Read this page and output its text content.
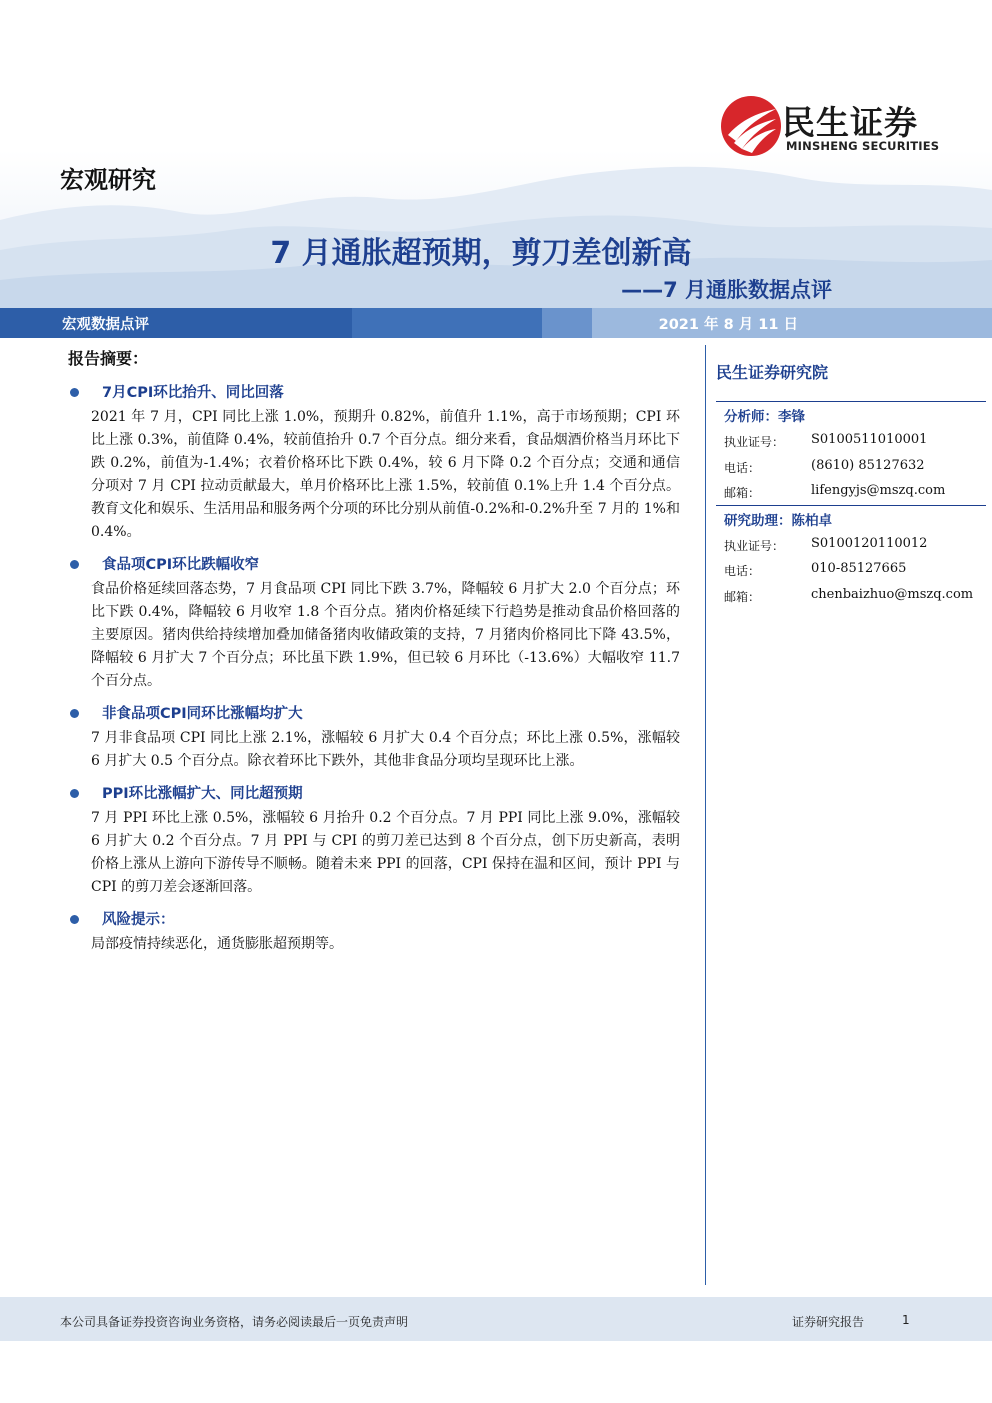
民生证券
MINSHENG SECURITIES
宏观研究
7 月通胀超预期，剪刀差创新高
——7 月通胀数据点评
宏观数据点评	2021 年 8 月 11 日
报告摘要：
7月CPI环比抬升、同比回落

2021 年 7 月，CPI 同比上涨 1.0%，预期升 0.82%，前值升 1.1%，高于市场预期；CPI 环比上涨 0.3%，前值降 0.4%，较前值抬升 0.7 个百分点。细分来看，食品烟酒价格当月环比下跌 0.2%，前值为-1.4%；衣着价格环比下跌 0.4%，较 6 月下降 0.2 个百分点；交通和通信分项对 7 月 CPI 拉动贡献最大，单月价格环比上涨 1.5%，较前值 0.1%上升 1.4 个百分点。教育文化和娱乐、生活用品和服务两个分项的环比分别从前值-0.2%和-0.2%升至 7 月的 1%和 0.4%。

食品项CPI环比跌幅收窄

食品价格延续回落态势，7 月食品项 CPI 同比下跌 3.7%，降幅较 6 月扩大 2.0 个百分点；环比下跌 0.4%，降幅较 6 月收窄 1.8 个百分点。猪肉价格延续下行趋势是推动食品价格回落的主要原因。猪肉供给持续增加叠加储备猪肉收储政策的支持，7 月猪肉价格同比下降 43.5%，降幅较 6 月扩大 7 个百分点；环比虽下跌 1.9%，但已较 6 月环比（-13.6%）大幅收窄 11.7 个百分点。

非食品项CPI同环比涨幅均扩大

7 月非食品项 CPI 同比上涨 2.1%，涨幅较 6 月扩大 0.4 个百分点；环比上涨 0.5%，涨幅较 6 月扩大 0.5 个百分点。除衣着环比下跌外，其他非食品分项均呈现环比上涨。

PPI环比涨幅扩大、同比超预期

7 月 PPI 环比上涨 0.5%，涨幅较 6 月抬升 0.2 个百分点。7 月 PPI 同比上涨 9.0%，涨幅较 6 月扩大 0.2 个百分点。7 月 PPI 与 CPI 的剪刀差已达到 8 个百分点，创下历史新高，表明价格上涨从上游向下游传导不顺畅。随着未来 PPI 的回落，CPI 保持在温和区间，预计 PPI 与 CPI 的剪刀差会逐渐回落。

风险提示：

局部疫情持续恶化，通货膨胀超预期等。

民生证券研究院
分析师：李锋
执业证号： S0100511010001
电话：	(8610) 85127632
邮箱：	lifengyjs@mszq.com
研究助理：陈柏卓
执业证号： S0100120110012
电话：	010-85127665
邮箱：	chenbaizhuo@mszq.com
本公司具备证券投资咨询业务资格，请务必阅读最后一页免责声明	证券研究报告	1
